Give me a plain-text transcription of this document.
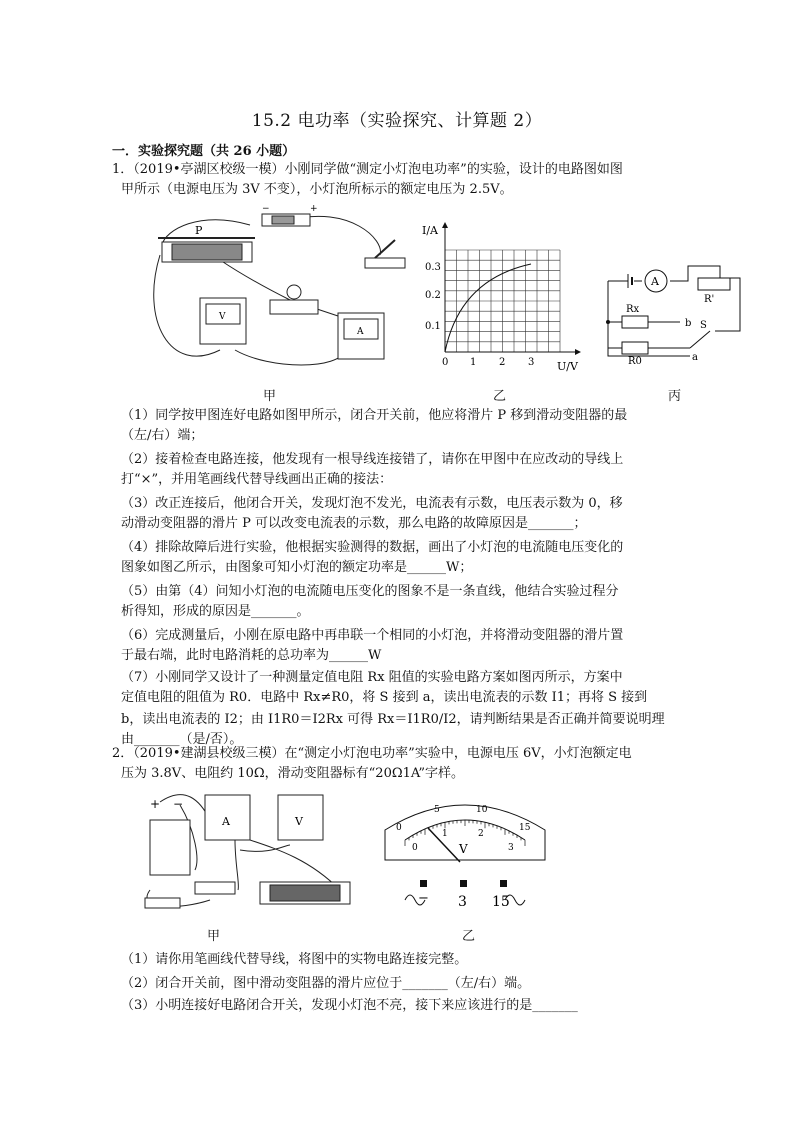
15.2 电功率（实验探究、计算题 2）
一．实验探究题（共 26 小题）
1．（2019•亭湖区校级一模）小刚同学做“测定小灯泡电功率”的实验，设计的电路图如图
甲所示（电源电压为 3V 不变），小灯泡所标示的额定电压为 2.5V。
−	+
P
V
A
I/A
U/V
0.1
0.2
0.3
0 1 2 3
A
R'
Rx
R0
b S
a
甲	乙	丙
（1）同学按甲图连好电路如图甲所示，闭合开关前，他应将滑片 P 移到滑动变阻器的最
（左/右）端；
（2）接着检查电路连接，他发现有一根导线连接错了，请你在甲图中在应改动的导线上
打“×”，并用笔画线代替导线画出正确的接法：
（3）改正连接后，他闭合开关，发现灯泡不发光，电流表有示数，电压表示数为 0，移
动滑动变阻器的滑片 P 可以改变电流表的示数，那么电路的故障原因是_______；
（4）排除故障后进行实验，他根据实验测得的数据，画出了小灯泡的电流随电压变化的
图象如图乙所示，由图象可知小灯泡的额定功率是______W；
（5）由第（4）问知小灯泡的电流随电压变化的图象不是一条直线，他结合实验过程分
析得知，形成的原因是_______。
（6）完成测量后，小刚在原电路中再串联一个相同的小灯泡，并将滑动变阻器的滑片置
于最右端，此时电路消耗的总功率为______W
（7）小刚同学又设计了一种测量定值电阻 Rx 阻值的实验电路方案如图丙所示，方案中
定值电阻的阻值为 R0．电路中 Rx≠R0，将 S 接到 a，读出电流表的示数 I1；再将 S 接到
b，读出电流表的 I2；由 I1R0＝I2Rx 可得 Rx＝I1R0/I2，请判断结果是否正确并简要说明理
由_______（是/否）。
2．（2019•建湖县校级三模）在“测定小灯泡电功率”实验中，电源电压 6V，小灯泡额定电
压为 3.8V、电阻约 10Ω，滑动变阻器标有“20Ω1A”字样。
+ −
A	V
甲
0
5	10
15
0
1	2
3
V
− 3 15
乙
（1）请你用笔画线代替导线，将图中的实物电路连接完整。
（2）闭合开关前，图中滑动变阻器的滑片应位于_______（左/右）端。
（3）小明连接好电路闭合开关，发现小灯泡不亮，接下来应该进行的是_______
